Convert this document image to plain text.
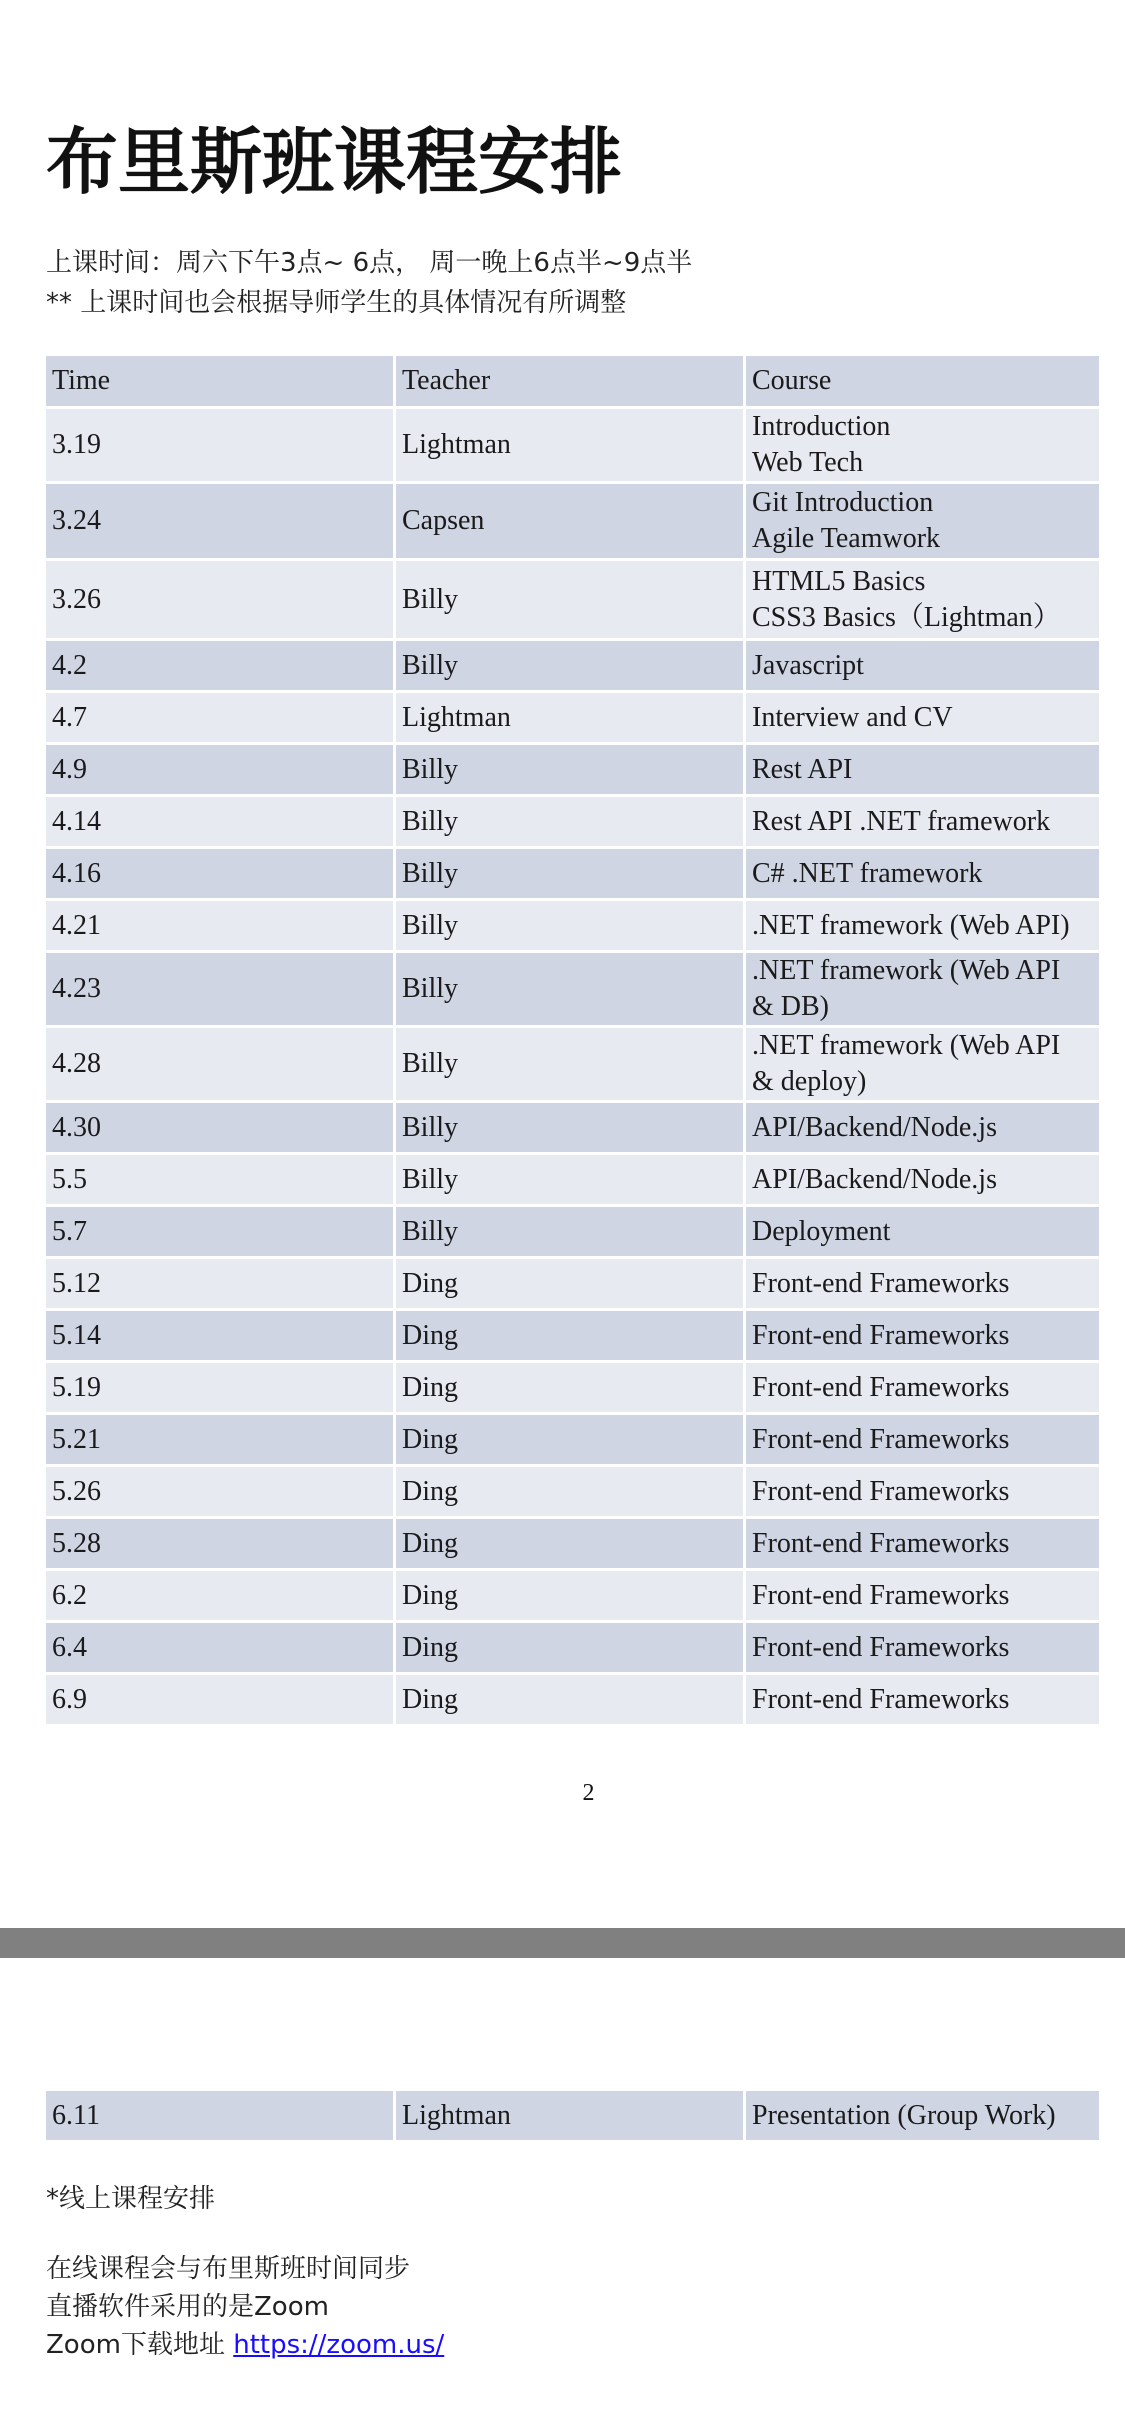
布里斯班课程安排
上课时间：周六下午3点~ 6点， 周一晚上6点半~9点半
** 上课时间也会根据导师学生的具体情况有所调整
Time	Teacher	Course
3.19	Lightman	Introduction
Web Tech

3.24	Capsen	Git Introduction
Agile Teamwork

3.26	Billy	HTML5 Basics
CSS3 Basics（Lightman）

4.2	Billy	Javascript

4.7	Lightman	Interview and CV

4.9	Billy	Rest API

4.14	Billy	Rest API .NET framework

4.16	Billy	C# .NET framework

4.21	Billy	.NET framework (Web API)

4.23	Billy	.NET framework (Web API
& DB)

4.28	Billy	.NET framework (Web API
& deploy)

4.30	Billy	API/Backend/Node.js

5.5	Billy	API/Backend/Node.js

5.7	Billy	Deployment

5.12	Ding	Front-end Frameworks

5.14	Ding	Front-end Frameworks

5.19	Ding	Front-end Frameworks

5.21	Ding	Front-end Frameworks

5.26	Ding	Front-end Frameworks

5.28	Ding	Front-end Frameworks

6.2	Ding	Front-end Frameworks

6.4	Ding	Front-end Frameworks

6.9	Ding	Front-end Frameworks
2
6.11	Lightman	Presentation (Group Work)
*线上课程安排
在线课程会与布里斯班时间同步
直播软件采用的是Zoom
Zoom下载地址 https://zoom.us/
